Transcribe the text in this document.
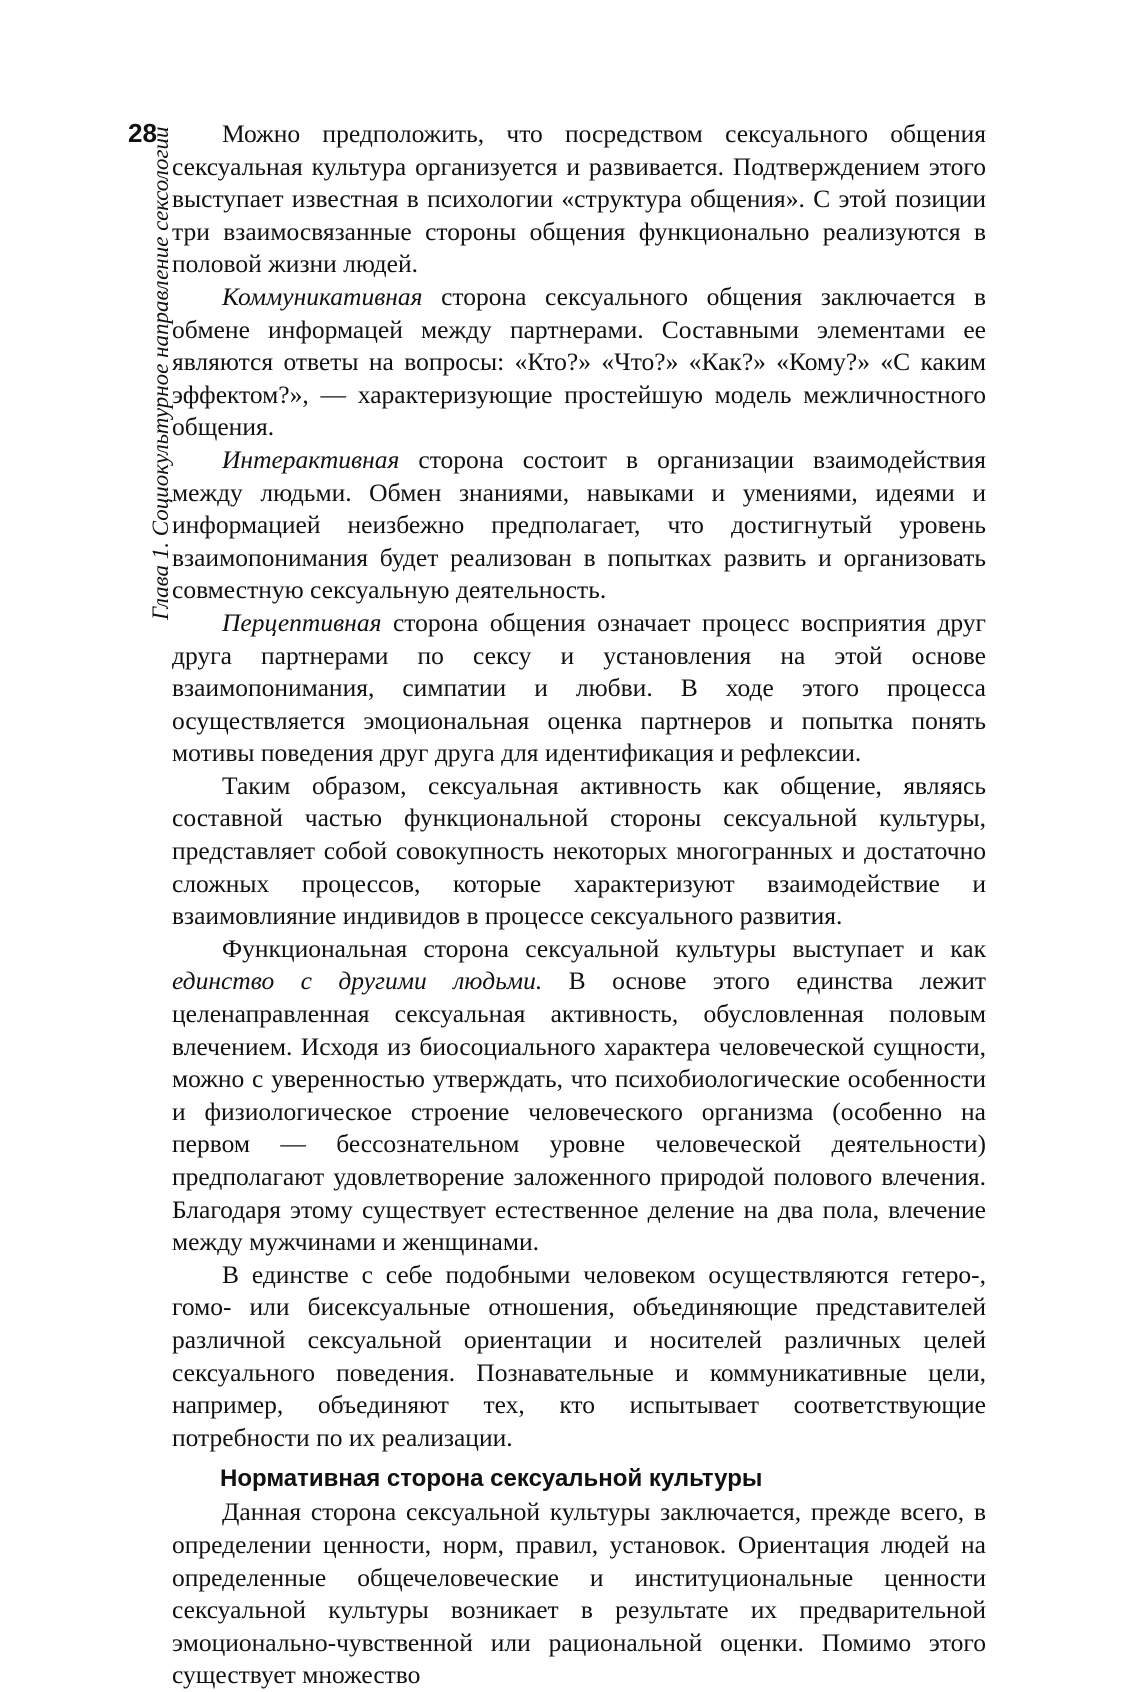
28
Глава 1. Социокультурное направление сексологии	Можно предположить, что посредством сексуального общения сексуальная культура организуется и развивается. Подтверждением этого выступает известная в психологии «структура общения». С этой позиции три взаимосвязанные стороны общения функционально реализуются в половой жизни людей.

Коммуникативная сторона сексуального общения заключается в обмене информацей между партнерами. Составными элементами ее являются ответы на вопросы: «Кто?» «Что?» «Как?» «Кому?» «С каким эффектом?», — характеризующие простейшую модель межличностного общения.

Интерактивная сторона состоит в организации взаимодействия между людьми. Обмен знаниями, навыками и умениями, идеями и информацией неизбежно предполагает, что достигнутый уровень взаимопонимания будет реализован в попытках развить и организовать совместную сексуальную деятельность.

Перцептивная сторона общения означает процесс восприятия друг друга партнерами по сексу и установления на этой основе взаимопонимания, симпатии и любви. В ходе этого процесса осуществляется эмоциональная оценка партнеров и попытка понять мотивы поведения друг друга для идентификация и рефлексии.

Таким образом, сексуальная активность как общение, являясь составной частью функциональной стороны сексуальной культуры, представляет собой совокупность некоторых многогранных и достаточно сложных процессов, которые характеризуют взаимодействие и взаимовлияние индивидов в процессе сексуального развития.

Функциональная сторона сексуальной культуры выступает и как единство с другими людьми. В основе этого единства лежит целенаправленная сексуальная активность, обусловленная половым влечением. Исходя из биосоциального характера человеческой сущности, можно с уверенностью утверждать, что психобиологические особенности и физиологическое строение человеческого организма (особенно на первом — бессознательном уровне человеческой деятельности) предполагают удовлетворение заложенного природой полового влечения. Благодаря этому существует естественное деление на два пола, влечение между мужчинами и женщинами.

В единстве с себе подобными человеком осуществляются гетеро-, гомо- или бисексуальные отношения, объединяющие представителей различной сексуальной ориентации и носителей различных целей сексуального поведения. Познавательные и коммуникативные цели, например, объединяют тех, кто испытывает соответствующие потребности по их реализации.

Нормативная сторона сексуальной культуры

Данная сторона сексуальной культуры заключается, прежде всего, в определении ценности, норм, правил, установок. Ориентация людей на определенные общечеловеческие и институциональные ценности сексуальной культуры возникает в результате их предварительной эмоционально-чувственной или рациональной оценки. Помимо этого существует множество
